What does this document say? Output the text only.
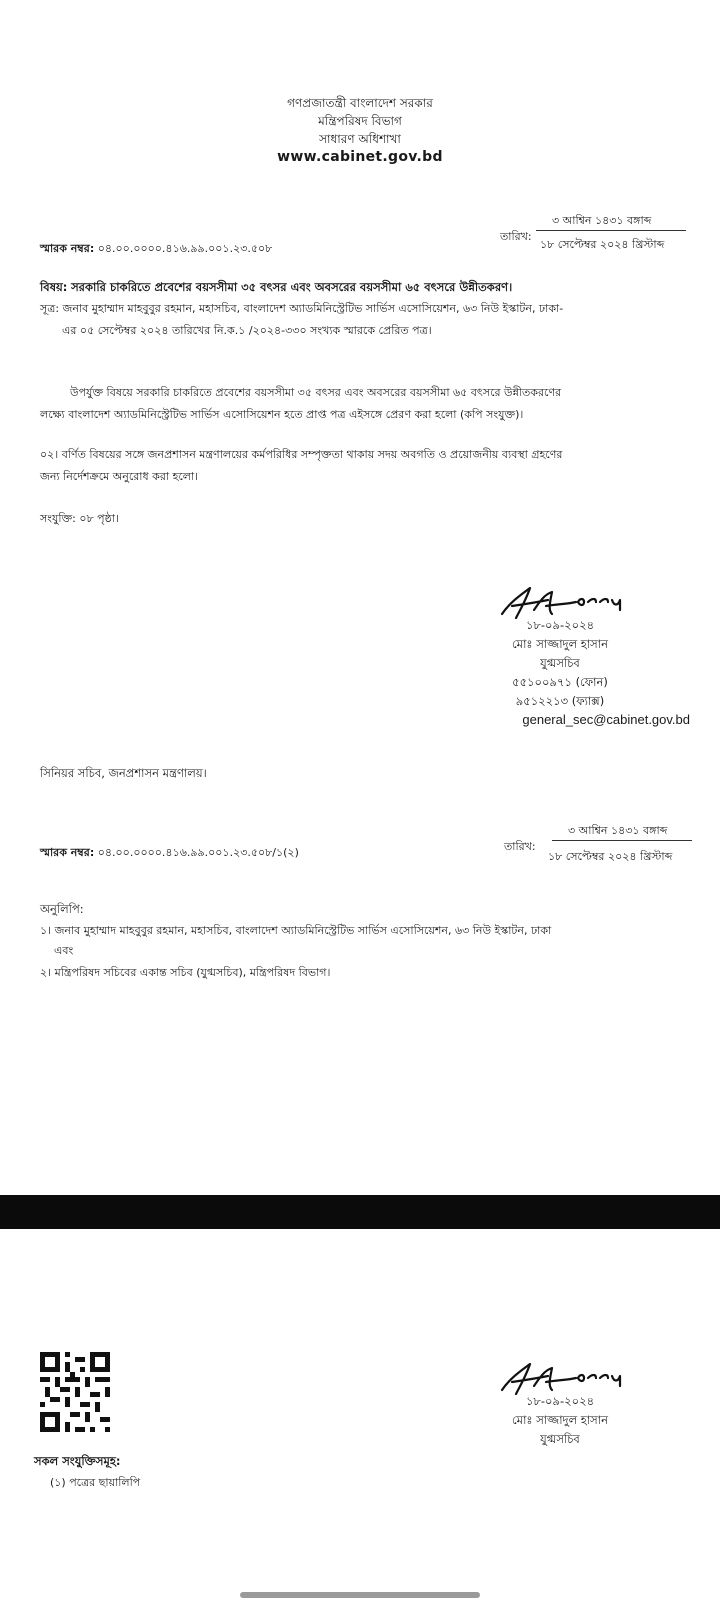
গণপ্রজাতন্ত্রী বাংলাদেশ সরকার
মন্ত্রিপরিষদ বিভাগ
সাধারণ অধিশাখা
www.cabinet.gov.bd
তারিখ:
৩ আশ্বিন ১৪৩১ বঙ্গাব্দ
১৮ সেপ্টেম্বর ২০২৪ খ্রিস্টাব্দ
স্মারক নম্বর: ০৪.০০.০০০০.৪১৬.৯৯.০০১.২৩.৫০৮
বিষয়: সরকারি চাকরিতে প্রবেশের বয়সসীমা ৩৫ বৎসর এবং অবসরের বয়সসীমা ৬৫ বৎসরে উন্নীতকরণ।
সূত্র: জনাব মুহাম্মাদ মাহবুবুর রহমান, মহাসচিব, বাংলাদেশ অ্যাডমিনিস্ট্রেটিভ সার্ভিস এসোসিয়েশন, ৬৩ নিউ ইস্কাটন, ঢাকা-
এর ০৫ সেপ্টেম্বর ২০২৪ তারিখের নি.ক.১ /২০২৪-৩৩০ সংখ্যক স্মারকে প্রেরিত পত্র।
উপর্যুক্ত বিষয়ে সরকারি চাকরিতে প্রবেশের বয়সসীমা ৩৫ বৎসর এবং অবসরের বয়সসীমা ৬৫ বৎসরে উন্নীতকরণের
লক্ষ্যে বাংলাদেশ অ্যাডমিনিস্ট্রেটিভ সার্ভিস এসোসিয়েশন হতে প্রাপ্ত পত্র এইসঙ্গে প্রেরণ করা হলো (কপি সংযুক্ত)।
০২। বর্ণিত বিষয়ের সঙ্গে জনপ্রশাসন মন্ত্রণালয়ের কর্মপরিধির সম্পৃক্ততা থাকায় সদয় অবগতি ও প্রয়োজনীয় ব্যবস্থা গ্রহণের
জন্য নির্দেশক্রমে অনুরোধ করা হলো।
সংযুক্তি: ০৮ পৃষ্ঠা।
১৮-০৯-২০২৪
মোঃ সাজ্জাদুল হাসান
যুগ্মসচিব
৫৫১০০৯৭১ (ফোন)
৯৫১২২১৩ (ফ্যাক্স)
general_sec@cabinet.gov.bd
সিনিয়র সচিব, জনপ্রশাসন মন্ত্রণালয়।
৩ আশ্বিন ১৪৩১ বঙ্গাব্দ
তারিখ:
১৮ সেপ্টেম্বর ২০২৪ খ্রিস্টাব্দ
স্মারক নম্বর: ০৪.০০.০০০০.৪১৬.৯৯.০০১.২৩.৫০৮/১(২)
অনুলিপি:
১। জনাব মুহাম্মাদ মাহবুবুর রহমান, মহাসচিব, বাংলাদেশ অ্যাডমিনিস্ট্রেটিভ সার্ভিস এসোসিয়েশন, ৬৩ নিউ ইস্কাটন, ঢাকা
এবং
২। মন্ত্রিপরিষদ সচিবের একান্ত সচিব (যুগ্মসচিব), মন্ত্রিপরিষদ বিভাগ।
১৮-০৯-২০২৪
মোঃ সাজ্জাদুল হাসান
যুগ্মসচিব
সকল সংযুক্তিসমূহ:
(১) পত্রের ছায়ালিপি
